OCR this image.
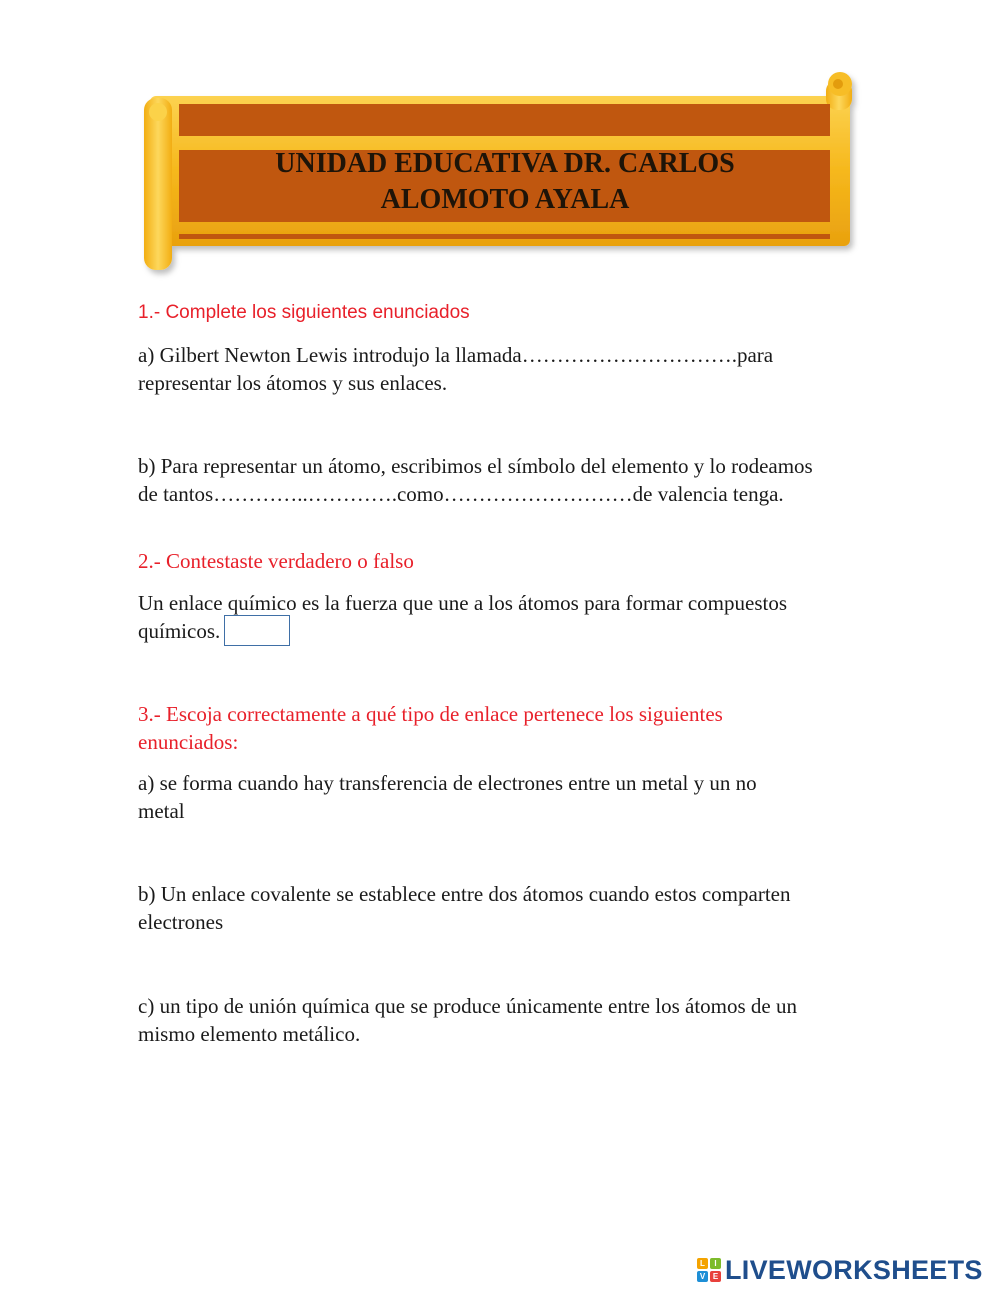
UNIDAD EDUCATIVA DR. CARLOS
ALOMOTO AYALA

1.- Complete los siguientes enunciados

a) Gilbert Newton Lewis introdujo la llamada………………………….para
representar los átomos y sus enlaces.

b) Para representar un átomo, escribimos el símbolo del elemento y lo rodeamos
de tantos…………..………….como………………………de valencia tenga.

2.- Contestaste verdadero o falso

Un enlace químico es la fuerza que une a los átomos para formar compuestos
químicos.

3.- Escoja correctamente a qué tipo de enlace pertenece los siguientes
enunciados:

a) se forma cuando hay transferencia de electrones entre un metal y un no
metal

b) Un enlace covalente se establece entre dos átomos cuando estos comparten
electrones

c) un tipo de unión química que se produce únicamente entre los átomos de un
mismo elemento metálico.

L	I
V E LIVEWORKSHEETS
